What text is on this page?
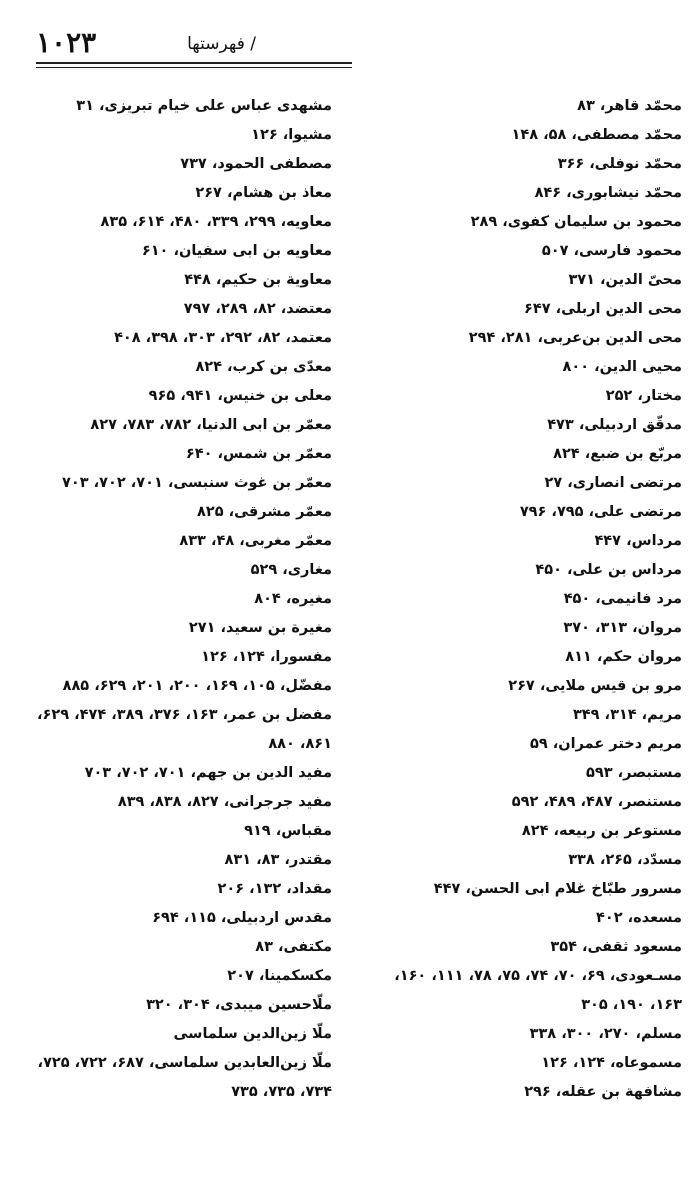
۱۰۲۳	/ فهرستها
محمّد قاهر، ۸۳
محمّد مصطفی، ۵۸، ۱۴۸
محمّد نوفلی، ۳۶۶
محمّد نیشابوری، ۸۴۶
محمود بن سلیمان کفوی، ۲۸۹
محمود فارسی، ۵۰۷
محیّ الدین، ۳۷۱
محی الدین اربلی، ۶۴۷
محی الدین بن‌عربی، ۲۸۱، ۲۹۴
محیی الدین، ۸۰۰
مختار، ۲۵۲
مدقّق اردبیلی، ۴۷۳
مربّع بن ضبع، ۸۲۴
مرتضی انصاری، ۲۷
مرتضی علی، ۷۹۵، ۷۹۶
مرداس، ۴۴۷
مرداس بن علی، ۴۵۰
مرد فانیمی، ۴۵۰
مروان، ۳۱۳، ۳۷۰
مروان حکم، ۸۱۱
مرو بن قیس ملایی، ۲۶۷
مریم، ۳۱۴، ۳۴۹
مریم دختر عمران، ۵۹
مستبصر، ۵۹۳
مستنصر، ۴۸۷، ۴۸۹، ۵۹۲
مستوعر بن ربیعه، ۸۲۴
مسدّد، ۲۶۵، ۳۳۸
مسرور طبّاخ غلام ابی الحسن، ۴۴۷
مسعده، ۴۰۲
مسعود ثقفی، ۳۵۴
مسـعودی، ۶۹، ۷۰، ۷۴، ۷۵، ۷۸، ۱۱۱، ۱۶۰،
۱۶۳، ۱۹۰، ۳۰۵
مسلم، ۲۷۰، ۳۰۰، ۳۳۸
مسموعاه، ۱۲۴، ۱۲۶
مشافهة بن عقله، ۲۹۶
مشهدی عباس علی خیام تبریزی، ۳۱
مشیوا، ۱۲۶
مصطفی الحمود، ۷۳۷
معاذ بن هشام، ۲۶۷
معاویه، ۲۹۹، ۳۳۹، ۴۸۰، ۶۱۴، ۸۳۵
معاویه بن ابی سفیان، ۶۱۰
معاویة بن حکیم، ۴۴۸
معتضد، ۸۲، ۲۸۹، ۷۹۷
معتمد، ۸۲، ۲۹۲، ۳۰۳، ۳۹۸، ۴۰۸
معدّی بن کرب، ۸۲۴
معلی بن خنیس، ۹۴۱، ۹۶۵
معمّر بن ابی الدنیا، ۷۸۲، ۷۸۳، ۸۲۷
معمّر بن شمس، ۶۴۰
معمّر بن غوث سنبسی، ۷۰۱، ۷۰۲، ۷۰۳
معمّر مشرقی، ۸۲۵
معمّر مغربی، ۴۸، ۸۳۳
مغاری، ۵۲۹
مغیره، ۸۰۴
مغیرة بن سعید، ۲۷۱
مفسورا، ۱۲۴، ۱۲۶
مفضّل، ۱۰۵، ۱۶۹، ۲۰۰، ۲۰۱، ۶۲۹، ۸۸۵
مفضل بن عمر، ۱۶۳، ۳۷۶، ۳۸۹، ۴۷۴، ۶۲۹،
۸۶۱، ۸۸۰
مفید الدین بن جهم، ۷۰۱، ۷۰۲، ۷۰۳
مفید جرجرانی، ۸۲۷، ۸۳۸، ۸۳۹
مقباس، ۹۱۹
مقتدر، ۸۳، ۸۳۱
مقداد، ۱۳۲، ۲۰۶
مقدس اردبیلی، ۱۱۵، ۶۹۴
مکتفی، ۸۳
مکسکمینا، ۲۰۷
ملّاحسین میبدی، ۳۰۴، ۳۲۰
ملّا زین‌الدین سلماسی
ملّا زین‌العابدین سلماسی، ۶۸۷، ۷۲۲، ۷۲۵،
۷۳۴، ۷۳۵، ۷۳۵
